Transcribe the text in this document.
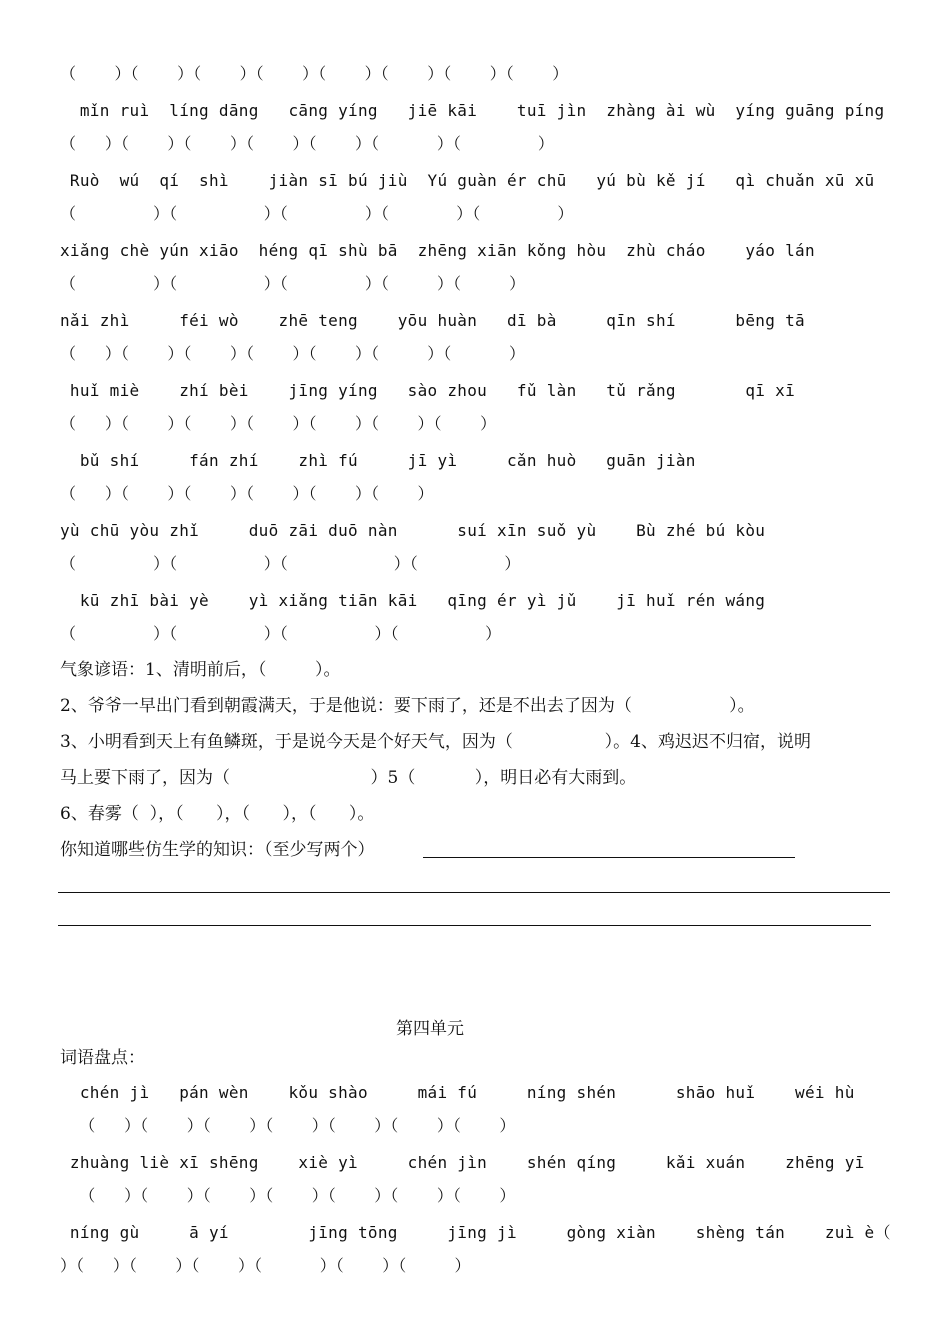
（    ）（    ）（    ）（    ）（    ）（    ）（    ）（    ）
mǐn ruì  líng dāng   cāng yíng   jiē kāi    tuī jìn  zhàng ài wù  yíng guāng píng
（   ）（    ）（    ）（    ）（    ）（      ）（        ）
Ruò  wú  qí  shì    jiàn sī bú jiù  Yú guàn ér chū   yú bù kě jí   qì chuǎn xū xū
（        ）（         ）（        ）（       ）（        ）
xiǎng chè yún xiāo  héng qī shù bā  zhēng xiān kǒng hòu  zhù cháo    yáo lán
（        ）（         ）（        ）（     ）（     ）
nǎi zhì     féi wò    zhē teng    yōu huàn   dī bà     qīn shí      bēng tā
（   ）（    ）（    ）（    ）（    ）（     ）（      ）
huǐ miè    zhí bèi    jīng yíng   sào zhou   fǔ làn   tǔ rǎng       qī xī
（   ）（    ）（    ）（    ）（    ）（    ）（    ）
bǔ shí     fán zhí    zhì fú     jī yì     cǎn huò   guān jiàn
（   ）（    ）（    ）（    ）（    ）（    ）
yù chū yòu zhǐ     duō zāi duō nàn      suí xīn suǒ yù    Bù zhé bú kòu
（        ）（         ）（           ）（         ）
kū zhī bài yè    yì xiǎng tiān kāi   qīng ér yì jǔ    jī huǐ rén wáng
（        ）（         ）（         ）（         ）
气象谚语：1、清明前后，（         ）。
2、爷爷一早出门看到朝霞满天，于是他说：要下雨了，还是不出去了因为（                  ）。
3、小明看到天上有鱼鳞斑，于是说今天是个好天气，因为（                 ）。4、鸡迟迟不归宿，说明
马上要下雨了，因为（                          ）5（           ），明日必有大雨到。
6、春雾（  ），（      ），（      ），（      ）。
你知道哪些仿生学的知识：（至少写两个）
第四单元
词语盘点：
chén jì   pán wèn    kǒu shào     mái fú     níng shén      shāo huǐ    wéi hù
（   ）（    ）（    ）（    ）（    ）（    ）（    ）
zhuàng liè xī shēng    xiè yì     chén jìn    shén qíng     kǎi xuán    zhēng yī
（   ）（    ）（    ）（    ）（    ）（    ）（    ）
níng gù     ā yí        jīng tōng     jīng jì     gòng xiàn    shèng tán    zuì è（
）（   ）（    ）（    ）（      ）（    ）（     ）
